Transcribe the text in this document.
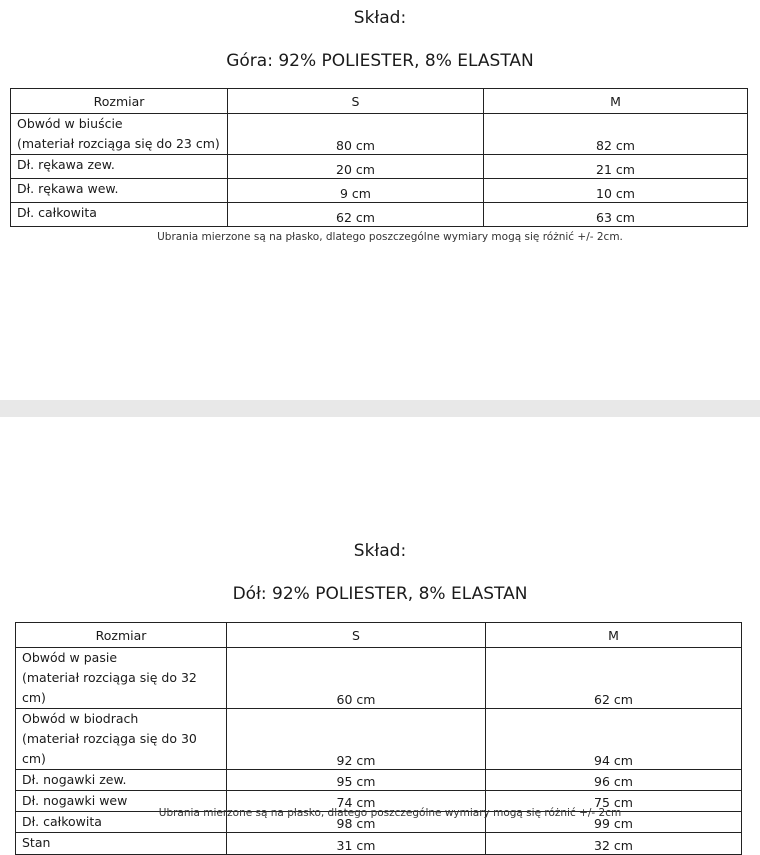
Skład:
Góra: 92% POLIESTER, 8% ELASTAN
Rozmiar	S	M

Obwód w biuście
(materiał rozciąga się do 23 cm)	80 cm	82 cm

Dł. rękawa zew.	20 cm	21 cm

Dł. rękawa wew.	9 cm	10 cm

Dł. całkowita	62 cm	63 cm
Ubrania mierzone są na płasko, dlatego poszczególne wymiary mogą się różnić +/- 2cm.
Skład:
Dół: 92% POLIESTER, 8% ELASTAN
Rozmiar	S	M

Obwód w pasie
(materiał rozciąga się do 32 cm)	60 cm	62 cm

Obwód w biodrach
(materiał rozciąga się do 30 cm)	92 cm	94 cm

Dł. nogawki zew.	95 cm	96 cm

Dł. nogawki wew	74 cm	75 cm

Dł. całkowita	98 cm	99 cm

Stan	31 cm	32 cm
Ubrania mierzone są na płasko, dlatego poszczególne wymiary mogą się różnić +/- 2cm
